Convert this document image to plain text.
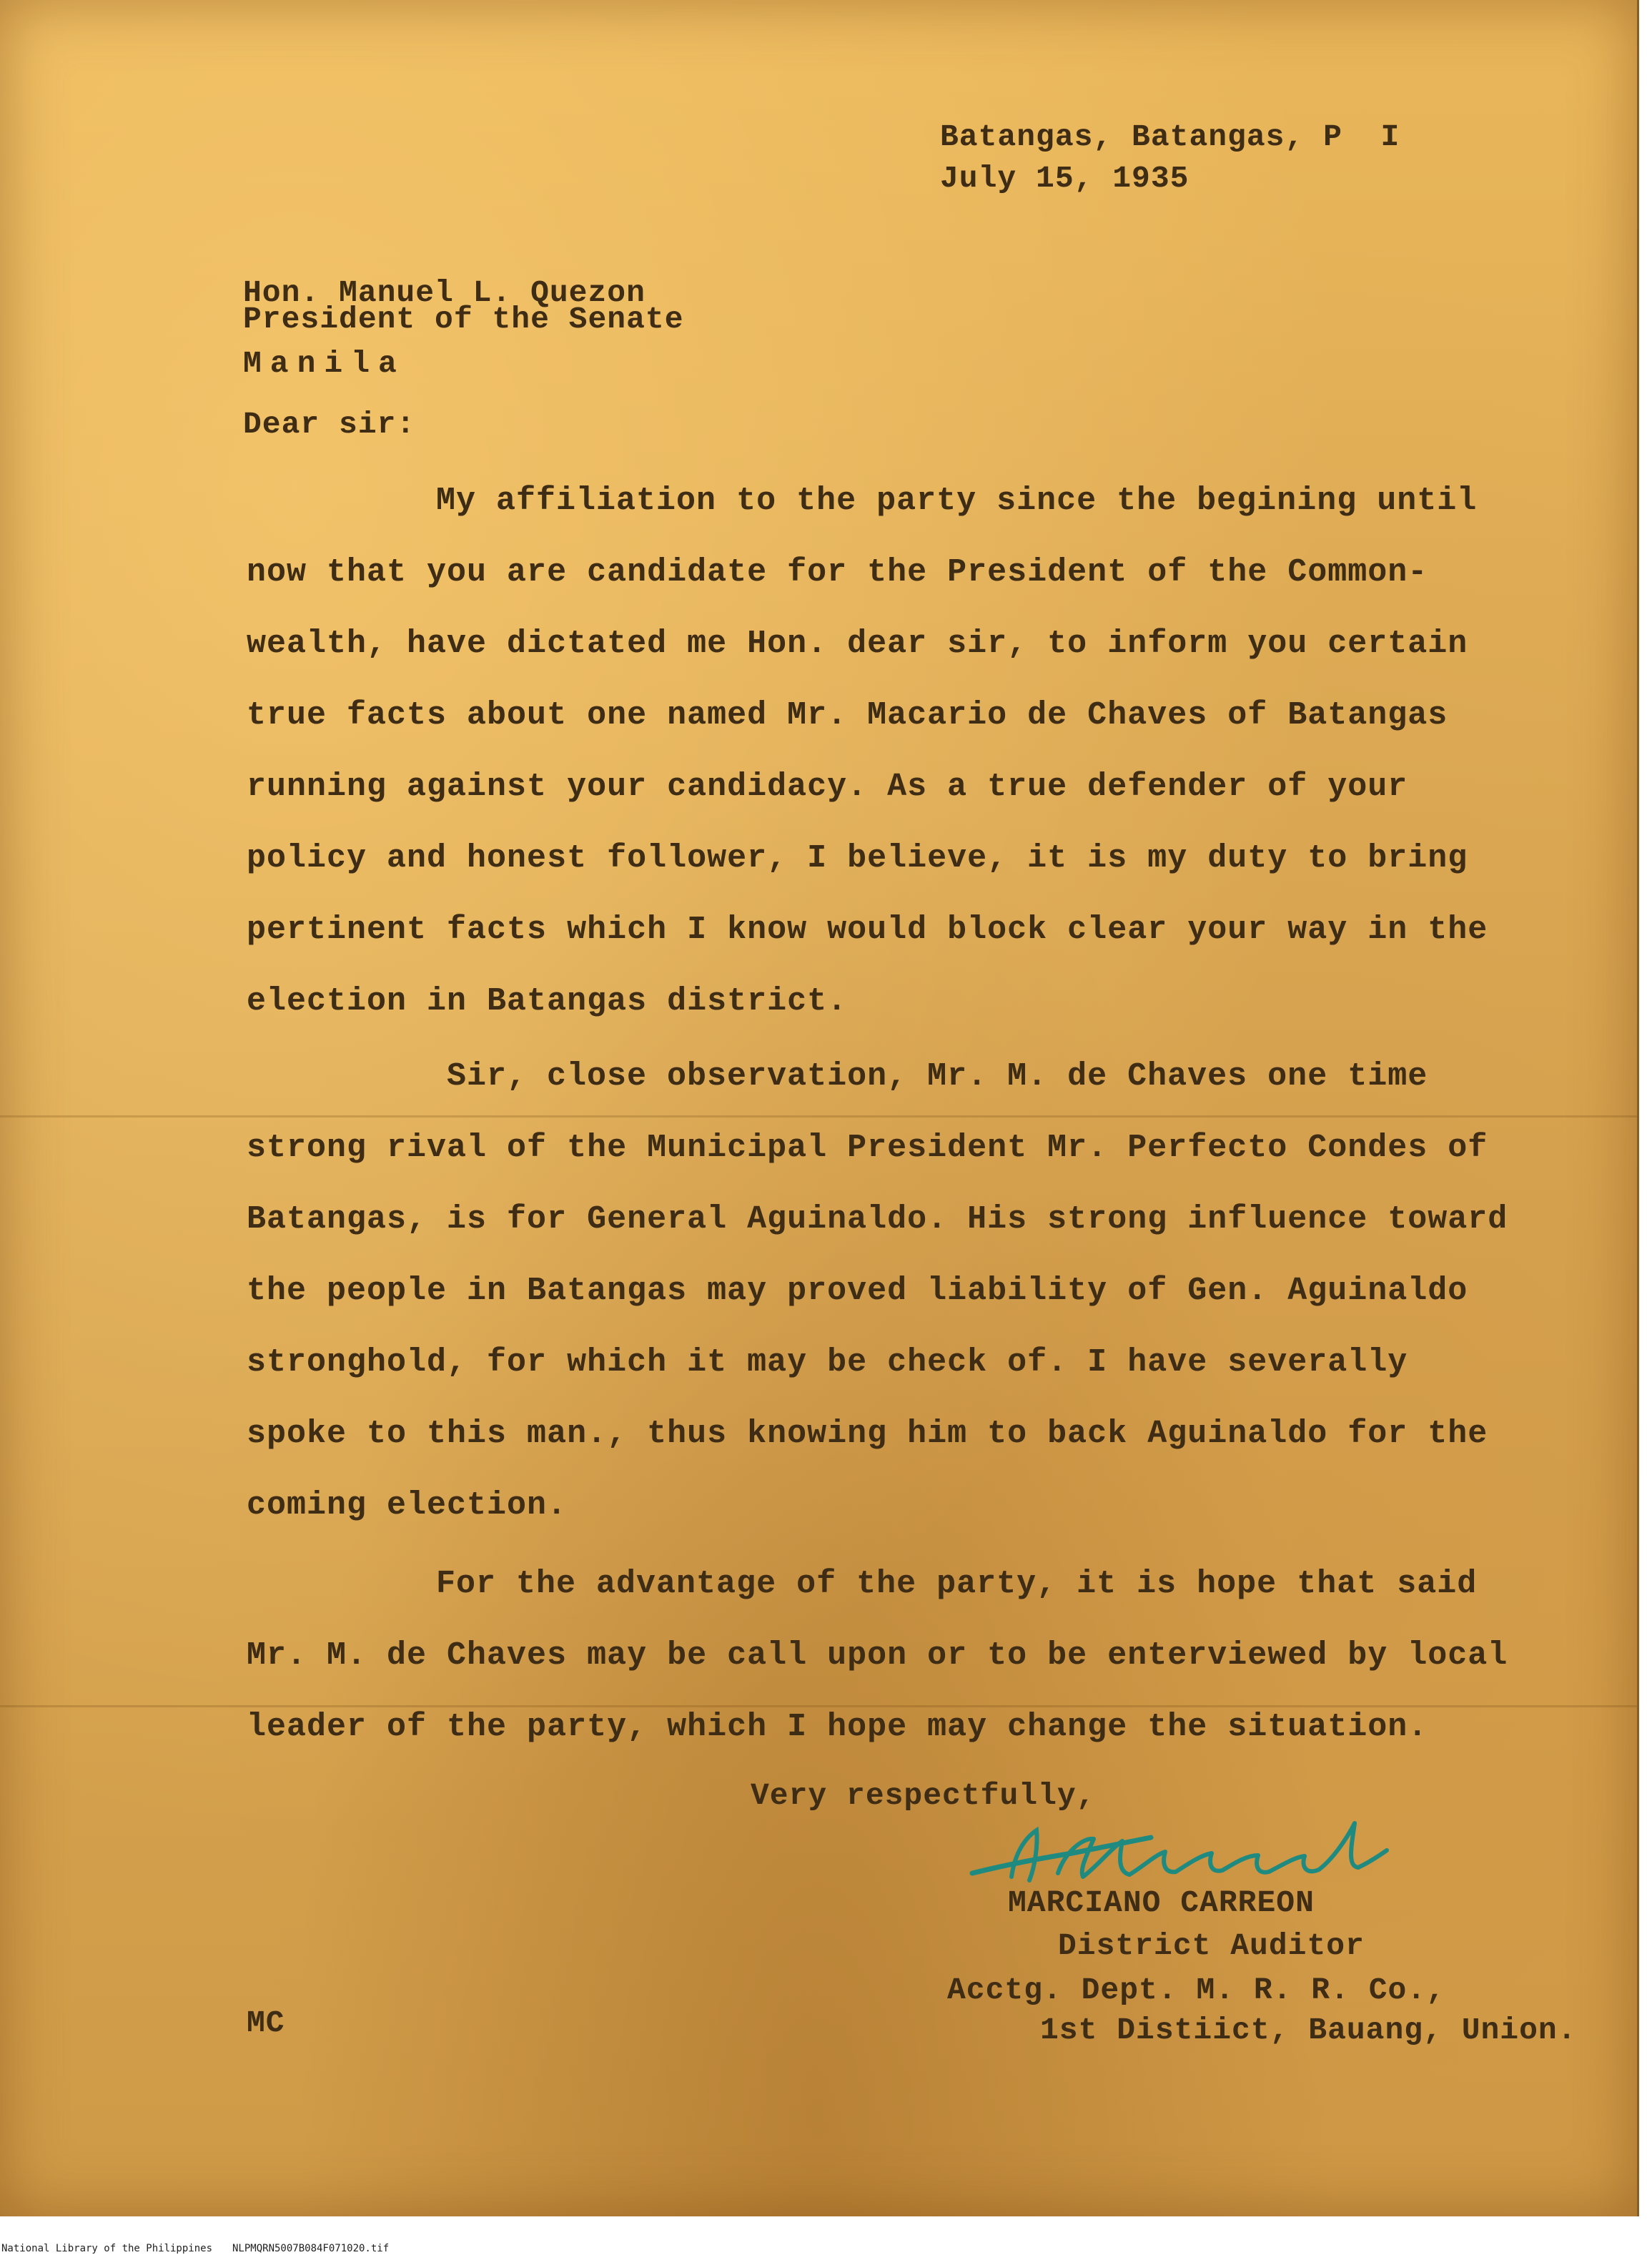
Batangas, Batangas, P  I
July 15, 1935
Hon. Manuel L. Quezon
President of the Senate
Manila
Dear sir:
My affiliation to the party since the begining until
now that you are candidate for the President of the Common-
wealth, have dictated me Hon. dear sir, to inform you certain
true facts about one named Mr. Macario de Chaves of Batangas
running against your candidacy. As a true defender of your
policy and honest follower, I believe, it is my duty to bring
pertinent facts which I know would block clear your way in the
election in Batangas district.
Sir, close observation, Mr. M. de Chaves one time
strong rival of the Municipal President Mr. Perfecto Condes of
Batangas, is for General Aguinaldo. His strong influence toward
the people in Batangas may proved liability of Gen. Aguinaldo
stronghold, for which it may be check of. I have severally
spoke to this man., thus knowing him to back Aguinaldo for the
coming election.
For the advantage of the party, it is hope that said
Mr. M. de Chaves may be call upon or to be enterviewed by local
leader of the party, which I hope may change the situation.
Very respectfully,
MARCIANO CARREON
District Auditor
Acctg. Dept. M. R. R. Co.,
1st Distiict, Bauang, Union.
MC
National Library of the Philippines NLPMQRN5007B084F071020.tif
